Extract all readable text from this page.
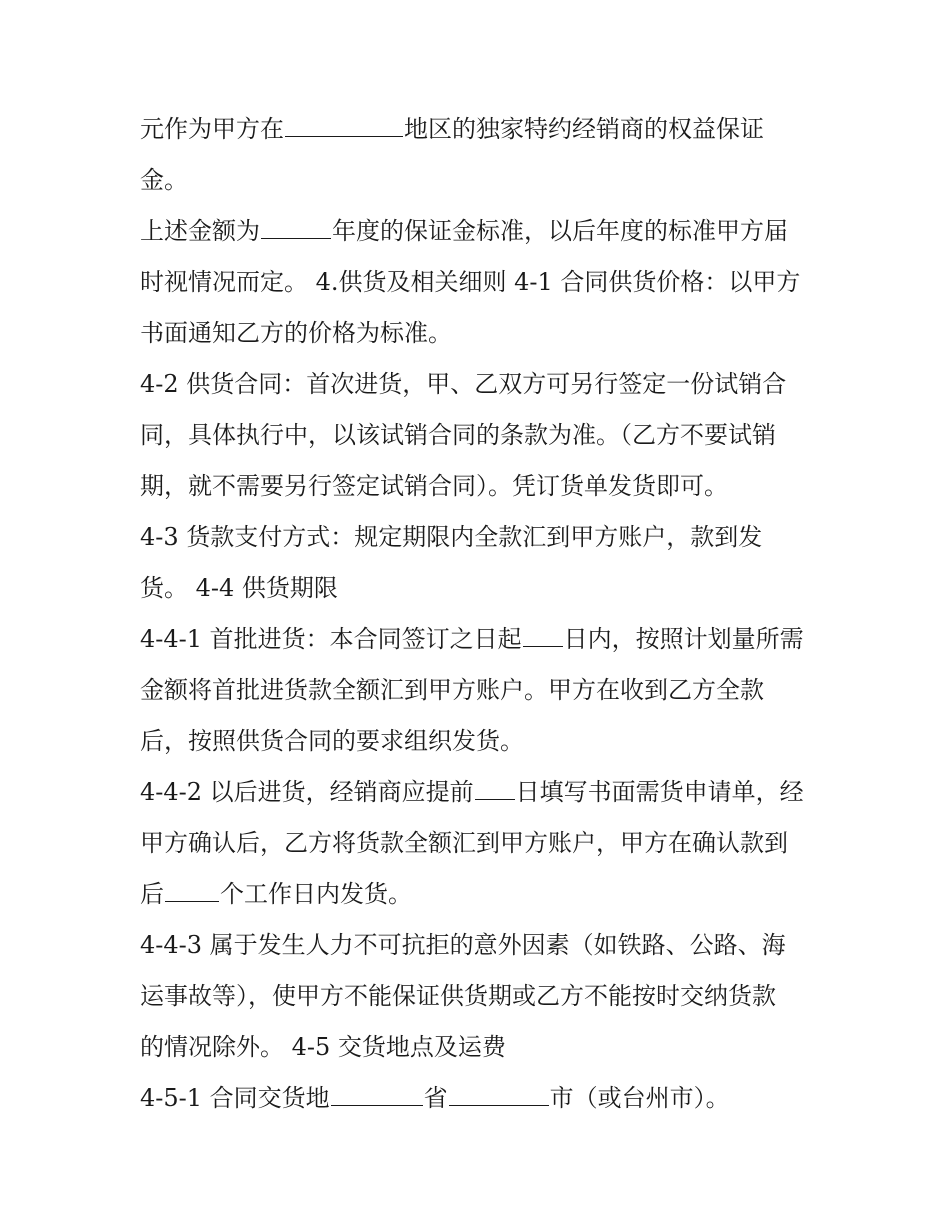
元作为甲方在	地区的独家特约经销商的权益保证
金。
上述金额为	年度的保证金标准，以后年度的标准甲方届
时视情况而定。 4.供货及相关细则 4-1 合同供货价格：以甲方
书面通知乙方的价格为标准。
4-2 供货合同：首次进货，甲、乙双方可另行签定一份试销合
同，具体执行中，以该试销合同的条款为准。（乙方不要试销
期，就不需要另行签定试销合同）。凭订货单发货即可。
4-3 货款支付方式：规定期限内全款汇到甲方账户，款到发
货。 4-4 供货期限
4-4-1 首批进货：本合同签订之日起 日内，按照计划量所需
金额将首批进货款全额汇到甲方账户。甲方在收到乙方全款
后，按照供货合同的要求组织发货。
4-4-2 以后进货，经销商应提前 日填写书面需货申请单，经
甲方确认后，乙方将货款全额汇到甲方账户，甲方在确认款到
后 个工作日内发货。
4-4-3 属于发生人力不可抗拒的意外因素（如铁路、公路、海
运事故等），使甲方不能保证供货期或乙方不能按时交纳货款
的情况除外。 4-5 交货地点及运费
4-5-1 合同交货地	省	市（或台州市）。
